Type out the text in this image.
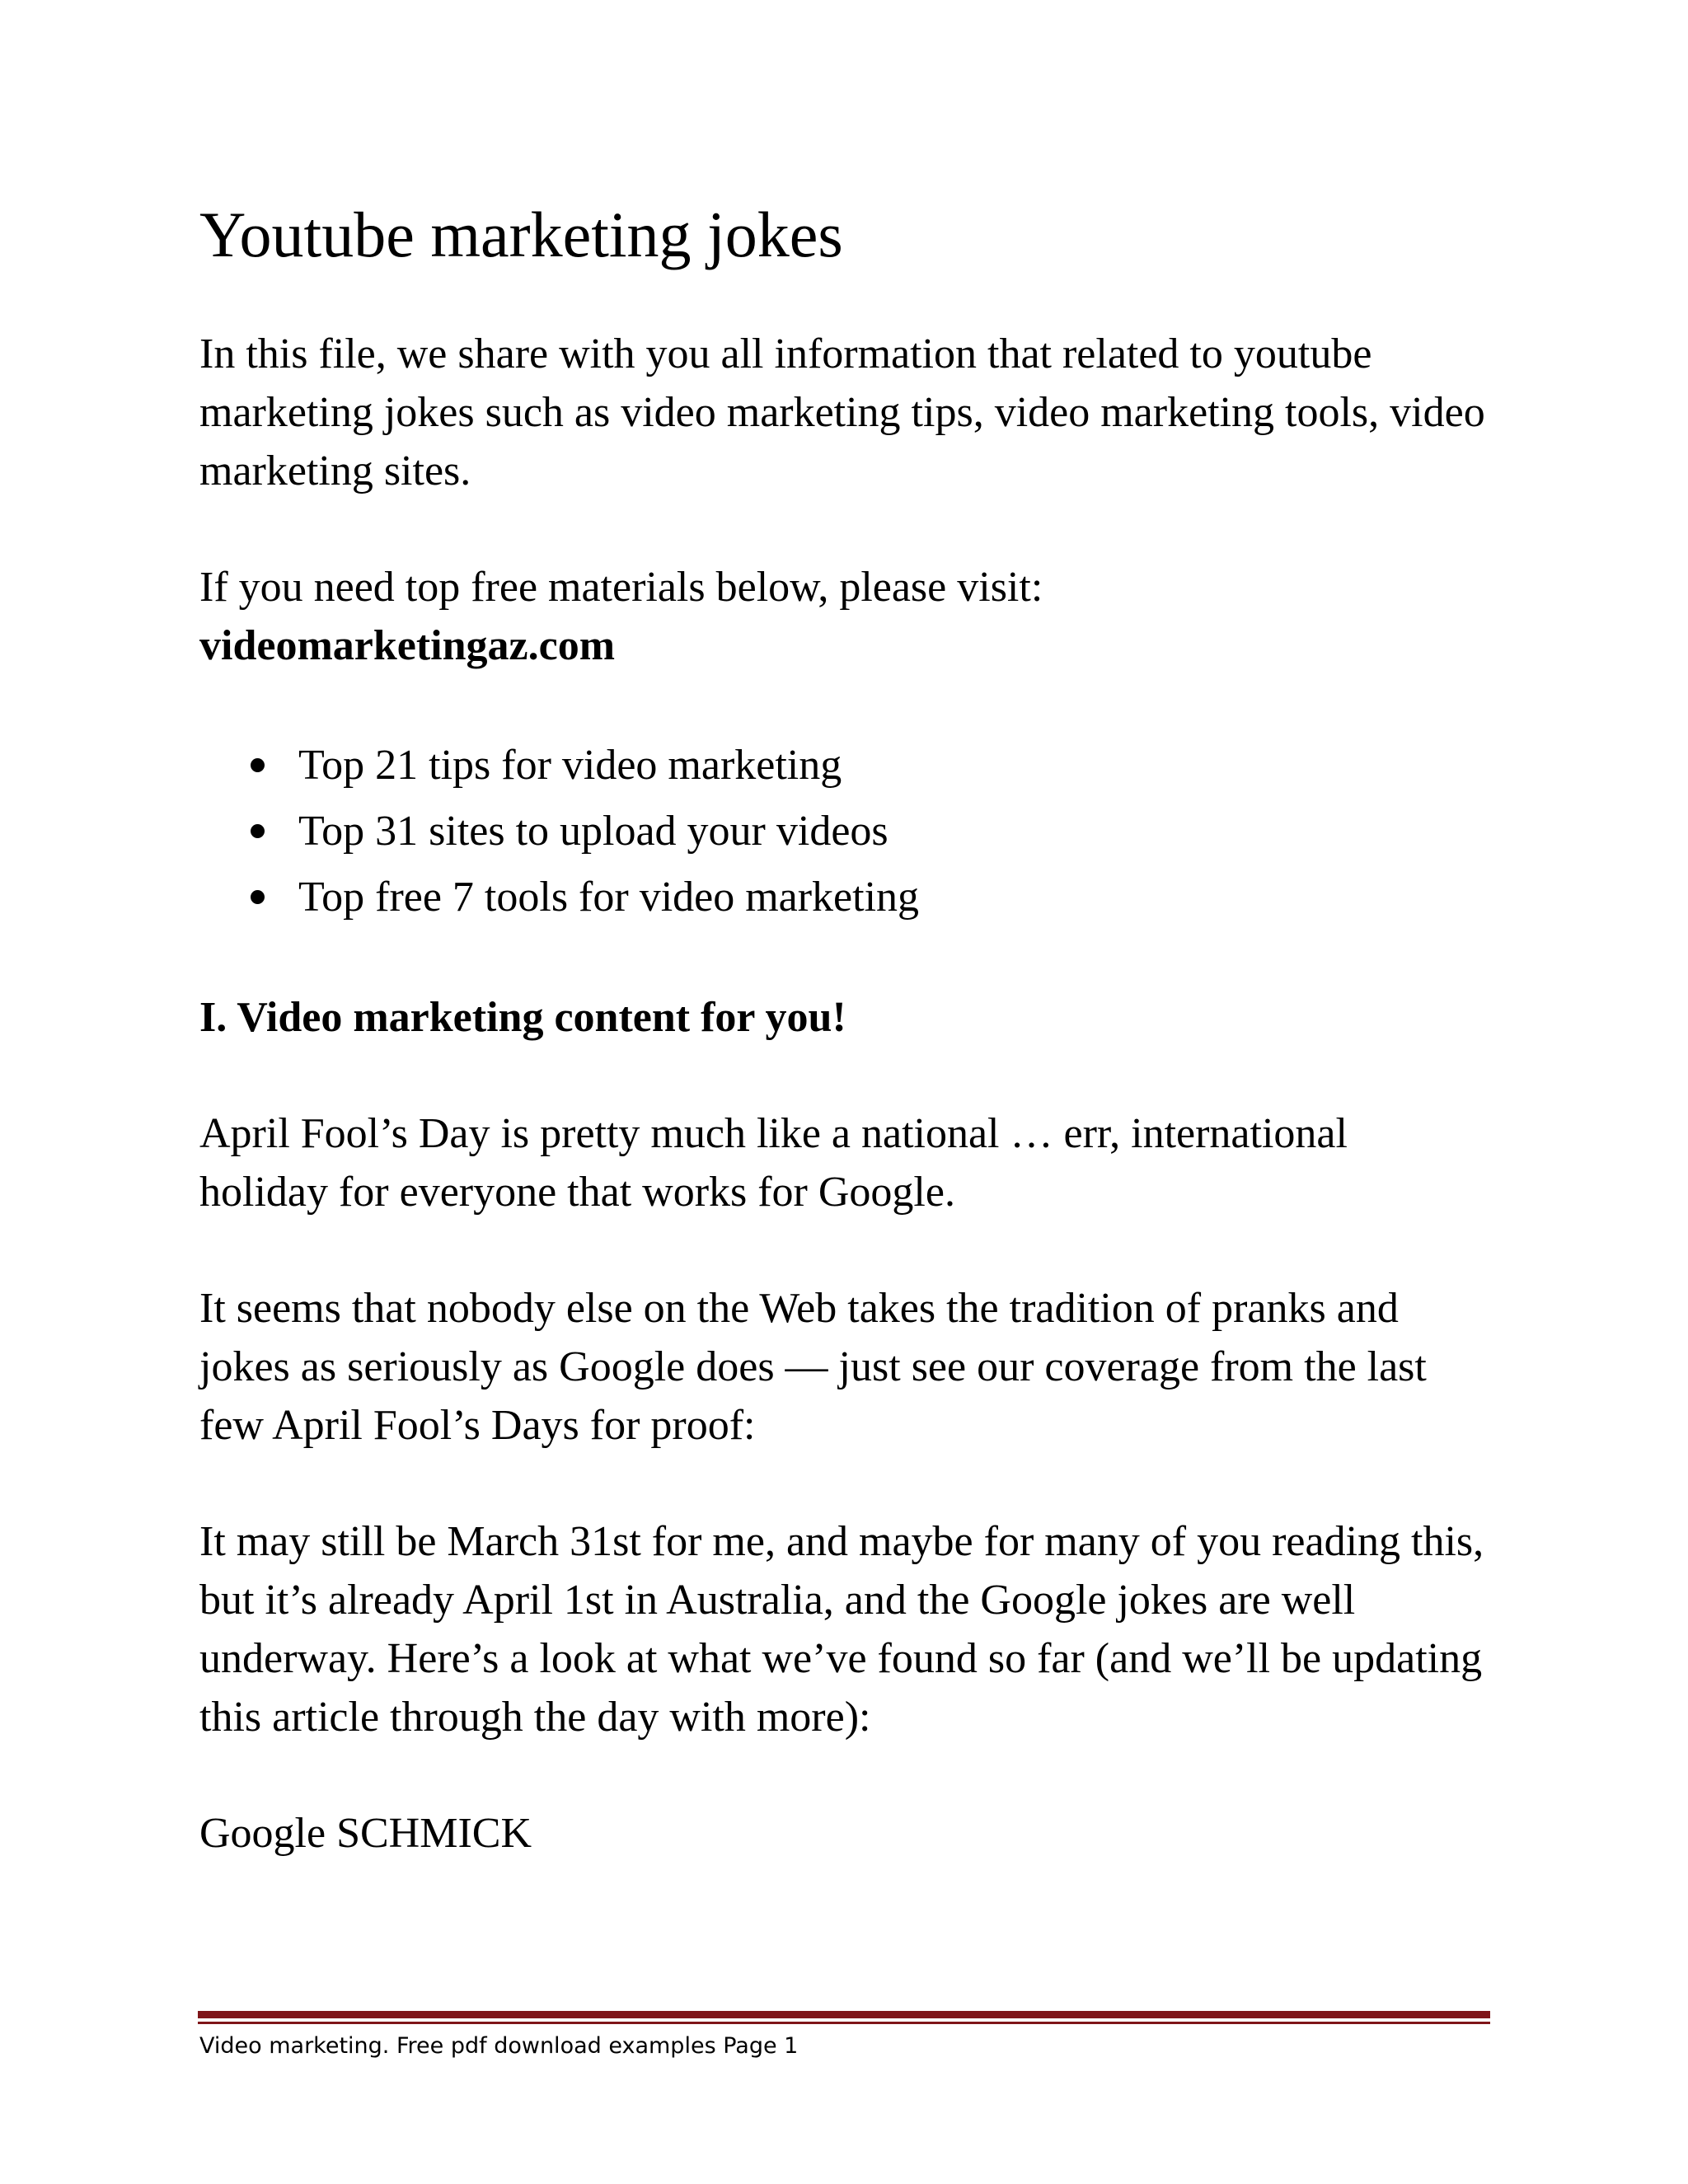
Youtube marketing jokes

In this file, we share with you all information that related to youtube marketing jokes such as video marketing tips, video marketing tools, video marketing sites.

If you need top free materials below, please visit:
videomarketingaz.com

Top 21 tips for video marketing
Top 31 sites to upload your videos
Top free 7 tools for video marketing
I. Video marketing content for you!

April Fool’s Day is pretty much like a national … err, international holiday for everyone that works for Google.

It seems that nobody else on the Web takes the tradition of pranks and jokes as seriously as Google does — just see our coverage from the last few April Fool’s Days for proof:

It may still be March 31st for me, and maybe for many of you reading this, but it’s already April 1st in Australia, and the Google jokes are well underway. Here’s a look at what we’ve found so far (and we’ll be updating this article through the day with more):

Google SCHMICK

Video marketing. Free pdf download examples Page 1
